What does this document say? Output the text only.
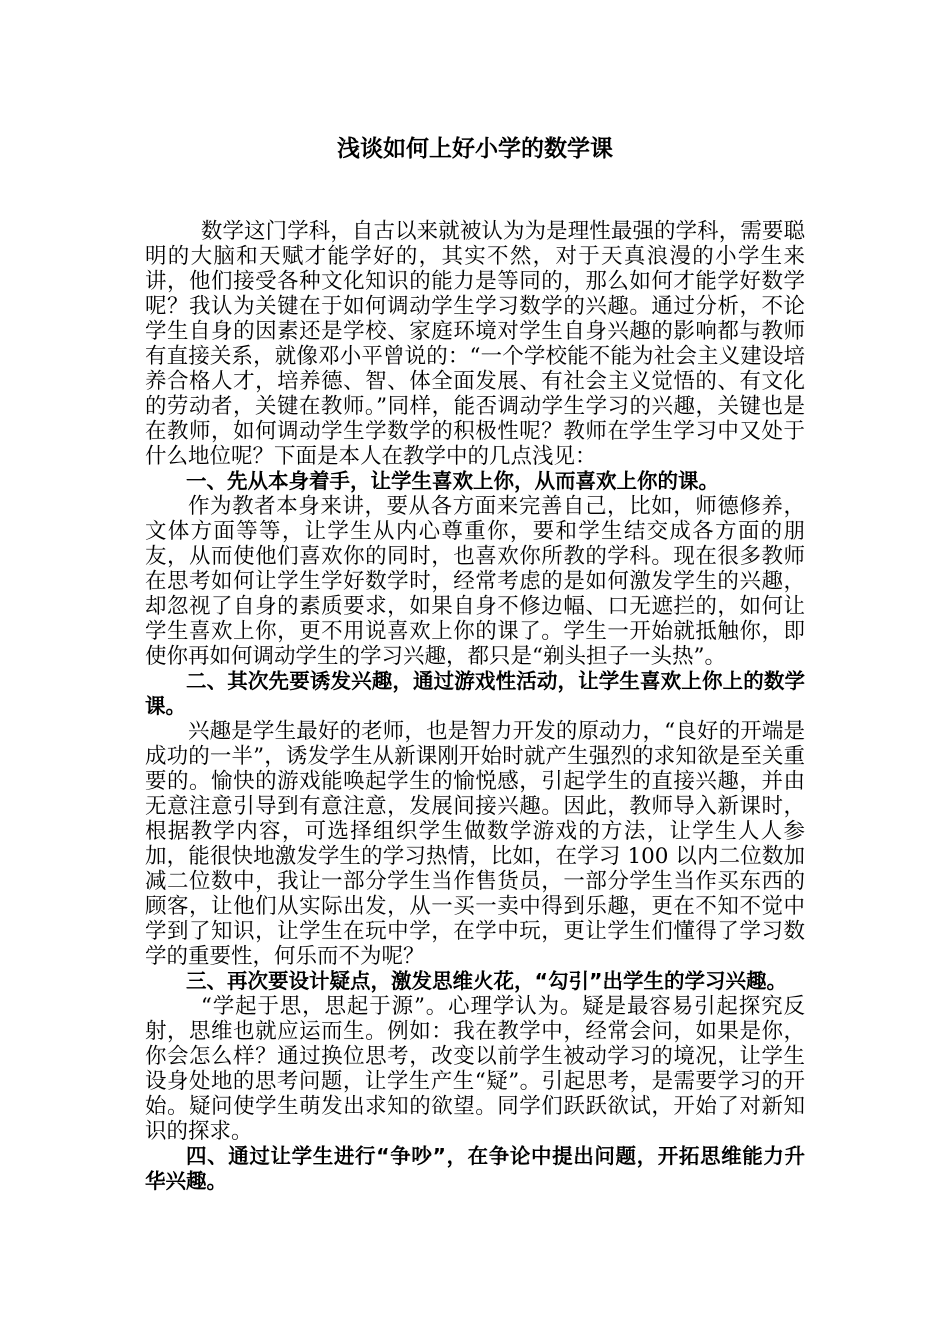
浅谈如何上好小学的数学课

数学这门学科，自古以来就被认为为是理性最强的学科，需要聪明的大脑和天赋才能学好的，其实不然，对于天真浪漫的小学生来讲，他们接受各种文化知识的能力是等同的，那么如何才能学好数学呢？我认为关键在于如何调动学生学习数学的兴趣。通过分析，不论学生自身的因素还是学校、家庭环境对学生自身兴趣的影响都与教师有直接关系，就像邓小平曾说的：“一个学校能不能为社会主义建设培养合格人才，培养德、智、体全面发展、有社会主义觉悟的、有文化的劳动者，关键在教师。”同样，能否调动学生学习的兴趣，关键也是在教师，如何调动学生学数学的积极性呢？教师在学生学习中又处于什么地位呢？下面是本人在教学中的几点浅见：

一、先从本身着手，让学生喜欢上你，从而喜欢上你的课。

作为教者本身来讲，要从各方面来完善自己，比如，师德修养，文体方面等等，让学生从内心尊重你，要和学生结交成各方面的朋友，从而使他们喜欢你的同时，也喜欢你所教的学科。现在很多教师在思考如何让学生学好数学时，经常考虑的是如何激发学生的兴趣，却忽视了自身的素质要求，如果自身不修边幅、口无遮拦的，如何让学生喜欢上你，更不用说喜欢上你的课了。学生一开始就抵触你，即使你再如何调动学生的学习兴趣，都只是“剃头担子一头热”。

二、其次先要诱发兴趣，通过游戏性活动，让学生喜欢上你上的数学课。

兴趣是学生最好的老师，也是智力开发的原动力，“良好的开端是成功的一半”，诱发学生从新课刚开始时就产生强烈的求知欲是至关重要的。愉快的游戏能唤起学生的愉悦感，引起学生的直接兴趣，并由无意注意引导到有意注意，发展间接兴趣。因此，教师导入新课时，根据教学内容，可选择组织学生做数学游戏的方法，让学生人人参加，能很快地激发学生的学习热情，比如，在学习 100 以内二位数加减二位数中，我让一部分学生当作售货员，一部分学生当作买东西的顾客，让他们从实际出发，从一买一卖中得到乐趣，更在不知不觉中学到了知识，让学生在玩中学，在学中玩，更让学生们懂得了学习数学的重要性，何乐而不为呢？

三、再次要设计疑点，激发思维火花，“勾引”出学生的学习兴趣。

“学起于思，思起于源”。心理学认为。疑是最容易引起探究反射，思维也就应运而生。例如：我在教学中，经常会问，如果是你，你会怎么样？通过换位思考，改变以前学生被动学习的境况，让学生设身处地的思考问题，让学生产生“疑”。引起思考，是需要学习的开始。疑问使学生萌发出求知的欲望。同学们跃跃欲试，开始了对新知识的探求。

四、通过让学生进行“争吵”，在争论中提出问题，开拓思维能力升华兴趣。
